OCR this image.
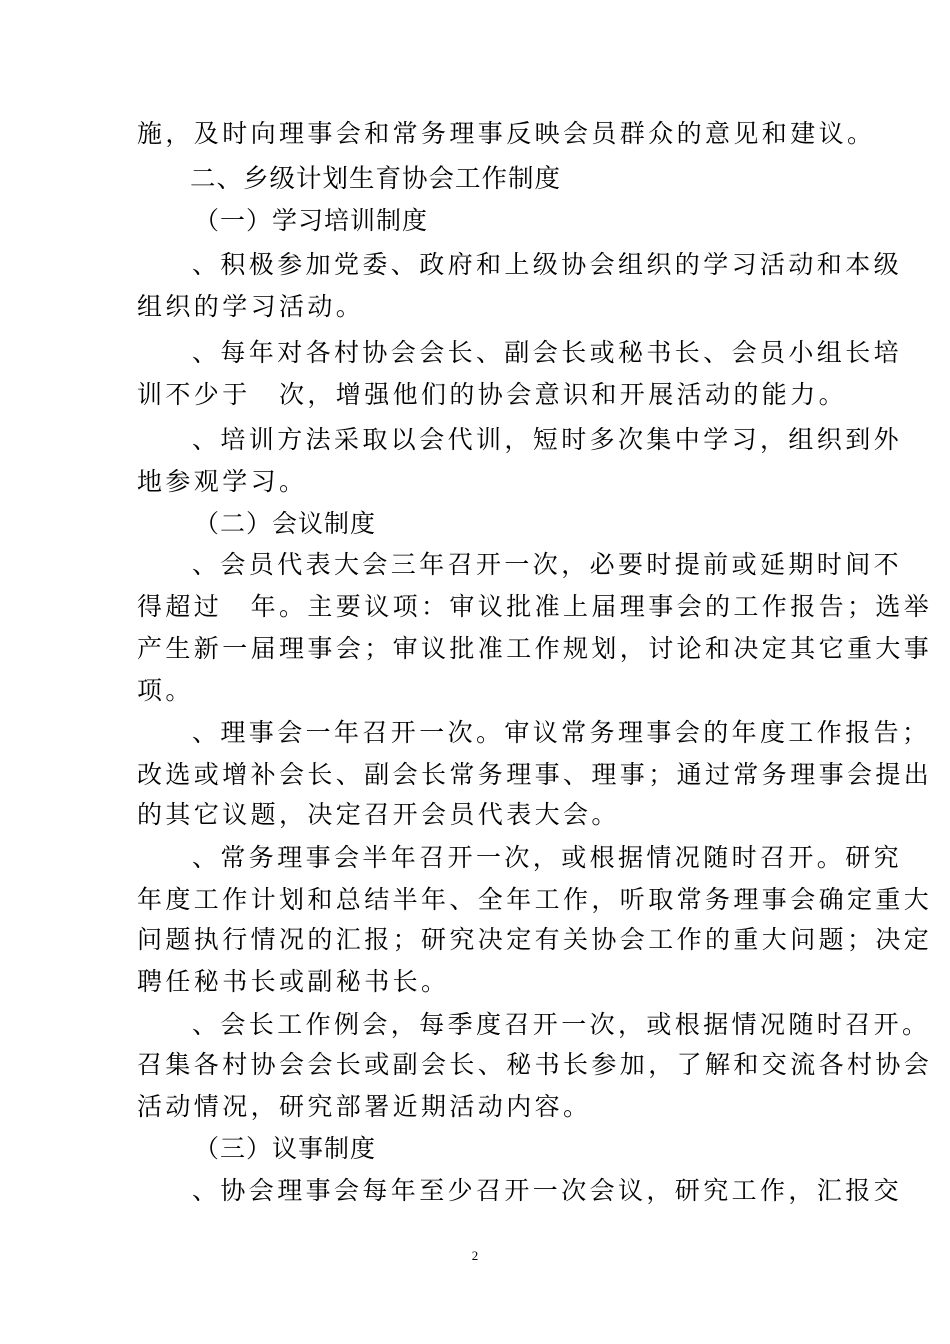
施，及时向理事会和常务理事反映会员群众的意见和建议。
二、乡级计划生育协会工作制度
（一）学习培训制度
、积极参加党委、政府和上级协会组织的学习活动和本级
组织的学习活动。
、每年对各村协会会长、副会长或秘书长、会员小组长培
训不少于　次，增强他们的协会意识和开展活动的能力。
、培训方法采取以会代训，短时多次集中学习，组织到外
地参观学习。
（二）会议制度
、会员代表大会三年召开一次，必要时提前或延期时间不
得超过　年。主要议项：审议批准上届理事会的工作报告；选举
产生新一届理事会；审议批准工作规划，讨论和决定其它重大事
项。
、理事会一年召开一次。审议常务理事会的年度工作报告；
改选或增补会长、副会长常务理事、理事；通过常务理事会提出
的其它议题，决定召开会员代表大会。
、常务理事会半年召开一次，或根据情况随时召开。研究
年度工作计划和总结半年、全年工作，听取常务理事会确定重大
问题执行情况的汇报；研究决定有关协会工作的重大问题；决定
聘任秘书长或副秘书长。
、会长工作例会，每季度召开一次，或根据情况随时召开。
召集各村协会会长或副会长、秘书长参加，了解和交流各村协会
活动情况，研究部署近期活动内容。
（三）议事制度
、协会理事会每年至少召开一次会议，研究工作，汇报交
2
